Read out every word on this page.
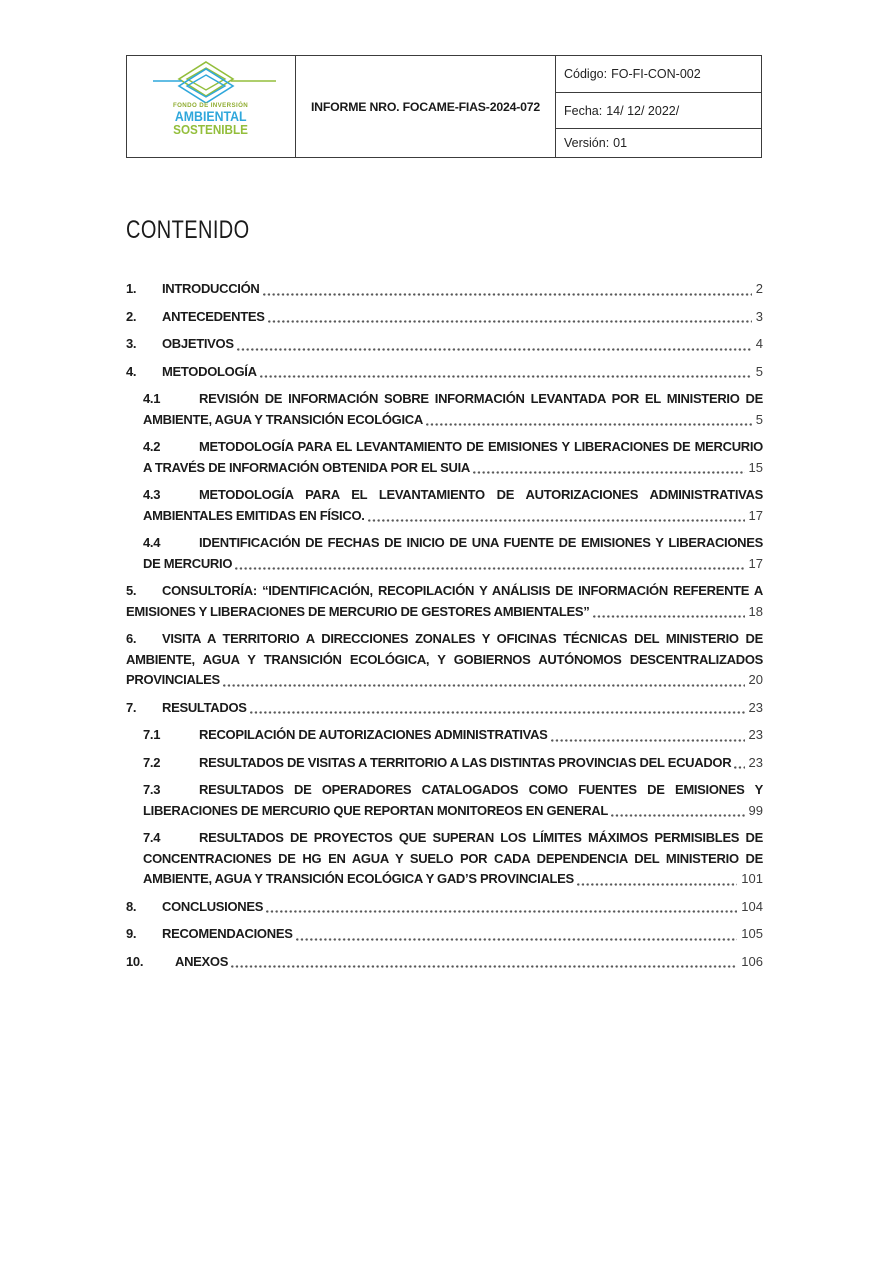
FONDO DE INVERSIÓN
AMBIENTAL
SOSTENIBLE
INFORME NRO. FOCAME-FIAS-2024-072
Código: FO-FI-CON-002
Fecha: 14/ 12/ 2022/
Versión: 01
CONTENIDO
1. INTRODUCCIÓN	2
2. ANTECEDENTES	3
3. OBJETIVOS	4
4. METODOLOGÍA	5
4.1	REVISIÓN DE INFORMACIÓN SOBRE INFORMACIÓN LEVANTADA POR EL MINISTERIO DE AMBIENTE, AGUA Y TRANSICIÓN ECOLÓGICA	5
4.2	METODOLOGÍA PARA EL LEVANTAMIENTO DE EMISIONES Y LIBERACIONES DE MERCURIO A TRAVÉS DE INFORMACIÓN OBTENIDA POR EL SUIA	15
4.3	METODOLOGÍA PARA EL LEVANTAMIENTO DE AUTORIZACIONES ADMINISTRATIVAS AMBIENTALES EMITIDAS EN FÍSICO.	17
4.4	IDENTIFICACIÓN DE FECHAS DE INICIO DE UNA FUENTE DE EMISIONES Y LIBERACIONES DE MERCURIO	17
5. CONSULTORÍA: “IDENTIFICACIÓN, RECOPILACIÓN Y ANÁLISIS DE INFORMACIÓN REFERENTE A EMISIONES Y LIBERACIONES DE MERCURIO DE GESTORES AMBIENTALES”	18
6. VISITA A TERRITORIO A DIRECCIONES ZONALES Y OFICINAS TÉCNICAS DEL MINISTERIO DE AMBIENTE, AGUA Y TRANSICIÓN ECOLÓGICA, Y GOBIERNOS AUTÓNOMOS DESCENTRALIZADOS PROVINCIALES	20
7. RESULTADOS	23
7.1	RECOPILACIÓN DE AUTORIZACIONES ADMINISTRATIVAS	23
7.2	RESULTADOS DE VISITAS A TERRITORIO A LAS DISTINTAS PROVINCIAS DEL ECUADOR 23
7.3	RESULTADOS DE OPERADORES CATALOGADOS COMO FUENTES DE EMISIONES Y LIBERACIONES DE MERCURIO QUE REPORTAN MONITOREOS EN GENERAL	99
7.4	RESULTADOS DE PROYECTOS QUE SUPERAN LOS LÍMITES MÁXIMOS PERMISIBLES DE CONCENTRACIONES DE HG EN AGUA Y SUELO POR CADA DEPENDENCIA DEL MINISTERIO DE AMBIENTE, AGUA Y TRANSICIÓN ECOLÓGICA Y GAD’S PROVINCIALES	101
8. CONCLUSIONES	104
9. RECOMENDACIONES	105
10. ANEXOS	106
